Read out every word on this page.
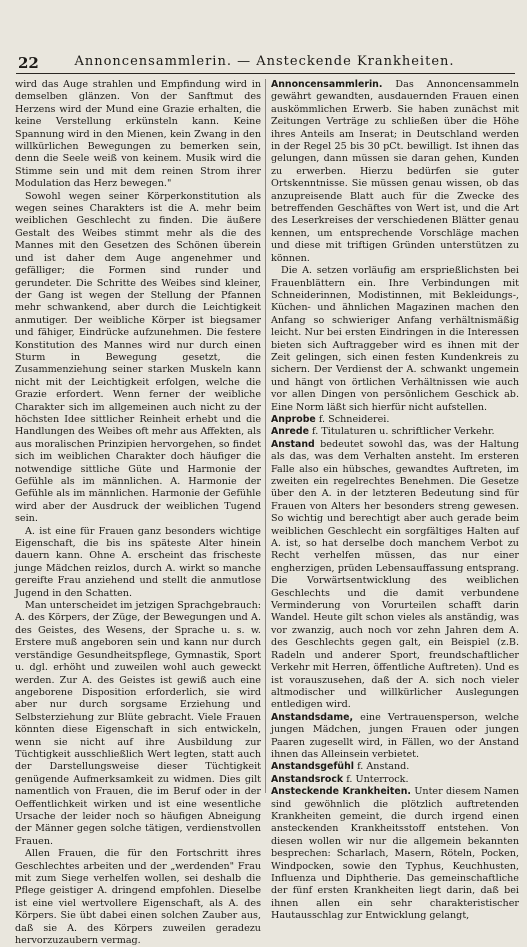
22	Annoncensammlerin. — Ansteckende Krankheiten.

wird das Auge strahlen und Empfindung wird in demselben glänzen. Von der Sanftmut des Herzens wird der Mund eine Grazie erhalten, die keine Verstellung erkünsteln kann. Keine Spannung wird in den Mienen, kein Zwang in den willkürlichen Bewegungen zu bemerken sein, denn die Seele weiß von keinem. Musik wird die Stimme sein und mit dem reinen Strom ihrer Modulation das Herz bewegen."

Sowohl wegen seiner Körperkonstitution als wegen seines Charakters ist die A. mehr beim weiblichen Geschlecht zu finden. Die äußere Gestalt des Weibes stimmt mehr als die des Mannes mit den Gesetzen des Schönen überein und ist daher dem Auge angenehmer und gefälliger; die Formen sind runder und gerundeter. Die Schritte des Weibes sind kleiner, der Gang ist wegen der Stellung der Pfannen mehr schwankend, aber durch die Leichtigkeit anmutiger. Der weibliche Körper ist biegsamer und fähiger, Eindrücke aufzunehmen. Die festere Konstitution des Mannes wird nur durch einen Sturm in Bewegung gesetzt, die Zusammenziehung seiner starken Muskeln kann nicht mit der Leichtigkeit erfolgen, welche die Grazie erfordert. Wenn ferner der weibliche Charakter sich im allgemeinen auch nicht zu der höchsten Idee sittlicher Reinheit erhebt und die Handlungen des Weibes oft mehr aus Affekten, als aus moralischen Prinzipien hervorgehen, so findet sich im weiblichen Charakter doch häufiger die notwendige sittliche Güte und Harmonie der Gefühle als im männlichen. A. Harmonie der Gefühle als im männlichen. Harmonie der Gefühle wird aber der Ausdruck der weiblichen Tugend sein.

A. ist eine für Frauen ganz besonders wichtige Eigenschaft, die bis ins späteste Alter hinein dauern kann. Ohne A. erscheint das frischeste junge Mädchen reizlos, durch A. wirkt so manche gereifte Frau anziehend und stellt die anmutlose Jugend in den Schatten.

Man unterscheidet im jetzigen Sprachgebrauch: A. des Körpers, der Züge, der Bewegungen und A. des Geistes, des Wesens, der Sprache u. s. w. Erstere muß angeboren sein und kann nur durch verständige Gesundheitspflege, Gymnastik, Sport u. dgl. erhöht und zuweilen wohl auch geweckt werden. Zur A. des Geistes ist gewiß auch eine angeborene Disposition erforderlich, sie wird aber nur durch sorgsame Erziehung und Selbsterziehung zur Blüte gebracht. Viele Frauen könnten diese Eigenschaft in sich entwickeln, wenn sie nicht auf ihre Ausbildung zur Tüchtigkeit ausschließlich Wert legten, statt auch der Darstellungsweise dieser Tüchtigkeit genügende Aufmerksamkeit zu widmen. Dies gilt namentlich von Frauen, die im Beruf oder in der Oeffentlichkeit wirken und ist eine wesentliche Ursache der leider noch so häufigen Abneigung der Männer gegen solche tätigen, verdienstvollen Frauen.

Allen Frauen, die für den Fortschritt ihres Geschlechtes arbeiten und der „werdenden" Frau mit zum Siege verhelfen wollen, sei deshalb die Pflege geistiger A. dringend empfohlen. Dieselbe ist eine viel wertvollere Eigenschaft, als A. des Körpers. Sie übt dabei einen solchen Zauber aus, daß sie A. des Körpers zuweilen geradezu hervorzuzaubern vermag.

Annoncensammlerin. Das Annoncensammeln gewährt gewandten, ausdauernden Frauen einen auskömmlichen Erwerb. Sie haben zunächst mit Zeitungen Verträge zu schließen über die Höhe ihres Anteils am Inserat; in Deutschland werden in der Regel 25 bis 30 pCt. bewilligt. Ist ihnen das gelungen, dann müssen sie daran gehen, Kunden zu erwerben. Hierzu bedürfen sie guter Ortskenntnisse. Sie müssen genau wissen, ob das anzupreisende Blatt auch für die Zwecke des betreffenden Geschäftes von Wert ist, und die Art des Leserkreises der verschiedenen Blätter genau kennen, um entsprechende Vorschläge machen und diese mit triftigen Gründen unterstützen zu können.

Die A. setzen vorläufig am ersprießlichsten bei Frauenblättern ein. Ihre Verbindungen mit Schneiderinnen, Modistinnen, mit Bekleidungs-, Küchen- und ähnlichen Magazinen machen den Anfang so schwieriger Anfang verhältnismäßig leicht. Nur bei ersten Eindringen in die Interessen bieten sich Auftraggeber wird es ihnen mit der Zeit gelingen, sich einen festen Kundenkreis zu sichern. Der Verdienst der A. schwankt ungemein und hängt von örtlichen Verhältnissen wie auch vor allen Dingen von persönlichem Geschick ab. Eine Norm läßt sich hierfür nicht aufstellen.

Anprobe f. Schneiderei.

Anrede f. Titulaturen u. schriftlicher Verkehr.

Anstand bedeutet sowohl das, was der Haltung als das, was dem Verhalten ansteht. Im ersteren Falle also ein hübsches, gewandtes Auftreten, im zweiten ein regelrechtes Benehmen. Die Gesetze über den A. in der letzteren Bedeutung sind für Frauen von Alters her besonders streng gewesen. So wichtig und berechtigt aber auch gerade beim weiblichen Geschlecht ein sorgfältiges Halten auf A. ist, so hat derselbe doch manchem Verbot zu Recht verhelfen müssen, das nur einer engherzigen, prüden Lebensauffassung entsprang. Die Vorwärtsentwicklung des weiblichen Geschlechts und die damit verbundene Verminderung von Vorurteilen schafft darin Wandel. Heute gilt schon vieles als anständig, was vor zwanzig, auch noch vor zehn Jahren dem A. des Geschlechts gegen galt, ein Beispiel (z.B. Radeln und anderer Sport, freundschaftlicher Verkehr mit Herren, öffentliche Auftreten). Und es ist vorauszusehen, daß der A. sich noch vieler altmodischer und willkürlicher Auslegungen entledigen wird.

Anstandsdame, eine Vertrauensperson, welche jungen Mädchen, jungen Frauen oder jungen Paaren zugesellt wird, in Fällen, wo der Anstand ihnen das Alleinsein verbietet.

Anstandsgefühl f. Anstand.

Anstandsrock f. Unterrock.

Ansteckende Krankheiten. Unter diesem Namen sind gewöhnlich die plötzlich auftretenden Krankheiten gemeint, die durch irgend einen ansteckenden Krankheitsstoff entstehen. Von diesen wollen wir nur die allgemein bekannten besprechen: Scharlach, Masern, Röteln, Pocken, Windpocken, sowie den Typhus, Keuchhusten, Influenza und Diphtherie. Das gemeinschaftliche der fünf ersten Krankheiten liegt darin, daß bei ihnen allen ein sehr charakteristischer Hautausschlag zur Entwicklung gelangt,
